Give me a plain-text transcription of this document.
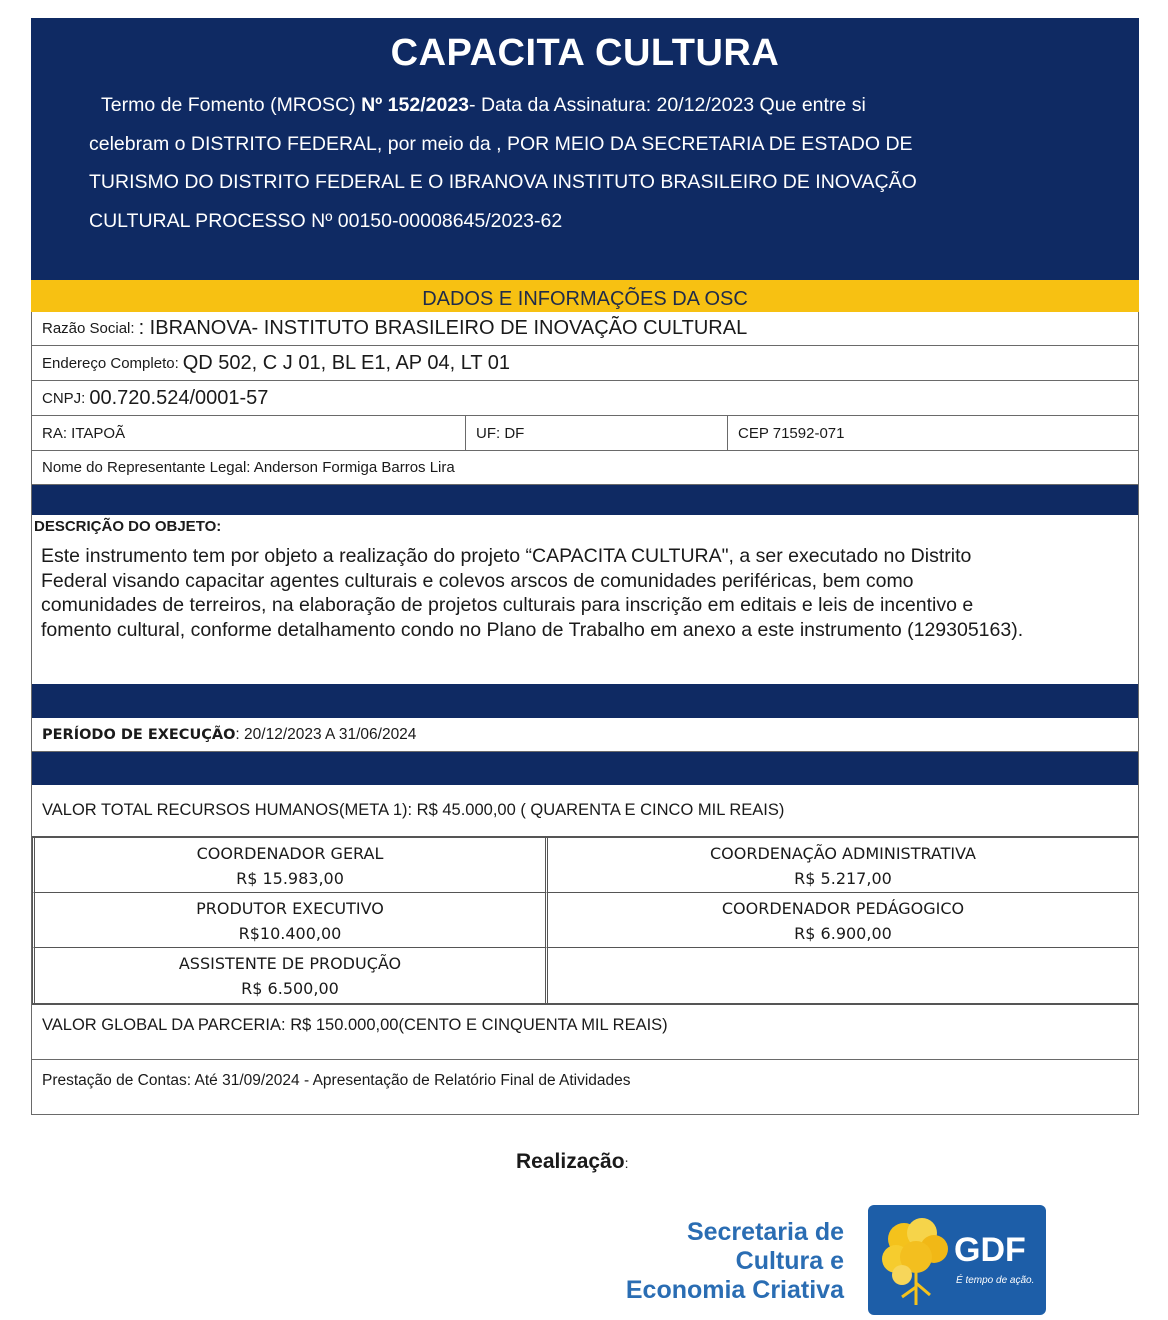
CAPACITA CULTURA

Termo de Fomento (MROSC) Nº 152/2023- Data da Assinatura: 20/12/2023 Que entre si

celebram o DISTRITO FEDERAL, por meio da , POR MEIO DA SECRETARIA DE ESTADO DE

TURISMO DO DISTRITO FEDERAL E O IBRANOVA INSTITUTO BRASILEIRO DE INOVAÇÃO

CULTURAL PROCESSO Nº 00150-00008645/2023-62

DADOS E INFORMAÇÕES DA OSC
Razão Social: : IBRANOVA- INSTITUTO BRASILEIRO DE INOVAÇÃO CULTURAL
Endereço Completo: QD 502, C J 01, BL E1, AP 04, LT 01
CNPJ: 00.720.524/0001-57
RA: ITAPOÃ	UF: DF	CEP 71592-071
Nome do Representante Legal: Anderson Formiga Barros Lira
DESCRIÇÃO DO OBJETO:

Este instrumento tem por objeto a realização do projeto “CAPACITA CULTURA", a ser executado no Distrito

Federal visando capacitar agentes culturais e colevos arscos de comunidades periféricas, bem como

comunidades de terreiros, na elaboração de projetos culturais para inscrição em editais e leis de incentivo e

fomento cultural, conforme detalhamento condo no Plano de Trabalho em anexo a este instrumento (129305163).

PERÍODO DE EXECUÇÃO : 20/12/2023 A 31/06/2024
VALOR TOTAL RECURSOS HUMANOS(META 1): R$ 45.000,00 ( QUARENTA E CINCO MIL REAIS)
COORDENADOR GERAL
R$ 15.983,00
COORDENAÇÃO ADMINISTRATIVA
R$ 5.217,00
PRODUTOR EXECUTIVO
R$10.400,00
COORDENADOR PEDÁGOGICO
R$ 6.900,00
ASSISTENTE DE PRODUÇÃO
R$ 6.500,00
VALOR GLOBAL DA PARCERIA: R$ 150.000,00(CENTO E CINQUENTA MIL REAIS)
Prestação de Contas: Até 31/09/2024 - Apresentação de Relatório Final de Atividades
Realização:
Secretaria de
Cultura e
Economia Criativa
GDF
É tempo de ação.
